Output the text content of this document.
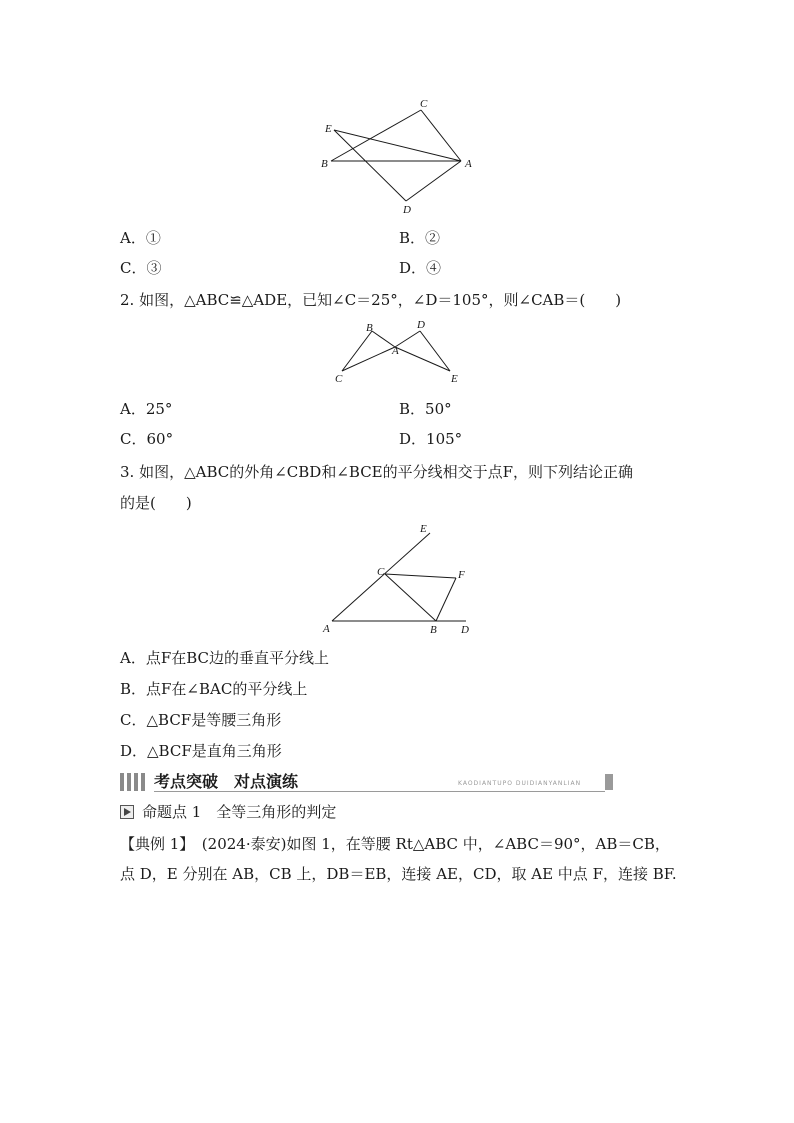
C
E
B	A
D
A．①	B．②
C．③	D．④
2. 如图，△ABC≌△ADE，已知∠C＝25°，∠D＝105°，则∠CAB＝(　　)
B	D
A
C	E
A．25°	B．50°
C．60°	D．105°
3. 如图，△ABC的外角∠CBD和∠BCE的平分线相交于点F，则下列结论正确
的是(　　)
E
C	F
A	B D
A．点F在BC边的垂直平分线上
B．点F在∠BAC的平分线上
C．△BCF是等腰三角形
D．△BCF是直角三角形
考点突破　对点演练	KAODIANTUPO DUIDIANYANLIAN
命题点 1　全等三角形的判定
【典例 1】　(2024·泰安)如图 1，在等腰 Rt△ABC 中，∠ABC＝90°，AB＝CB，
点 D，E 分别在 AB，CB 上，DB＝EB，连接 AE，CD，取 AE 中点 F，连接 BF.
